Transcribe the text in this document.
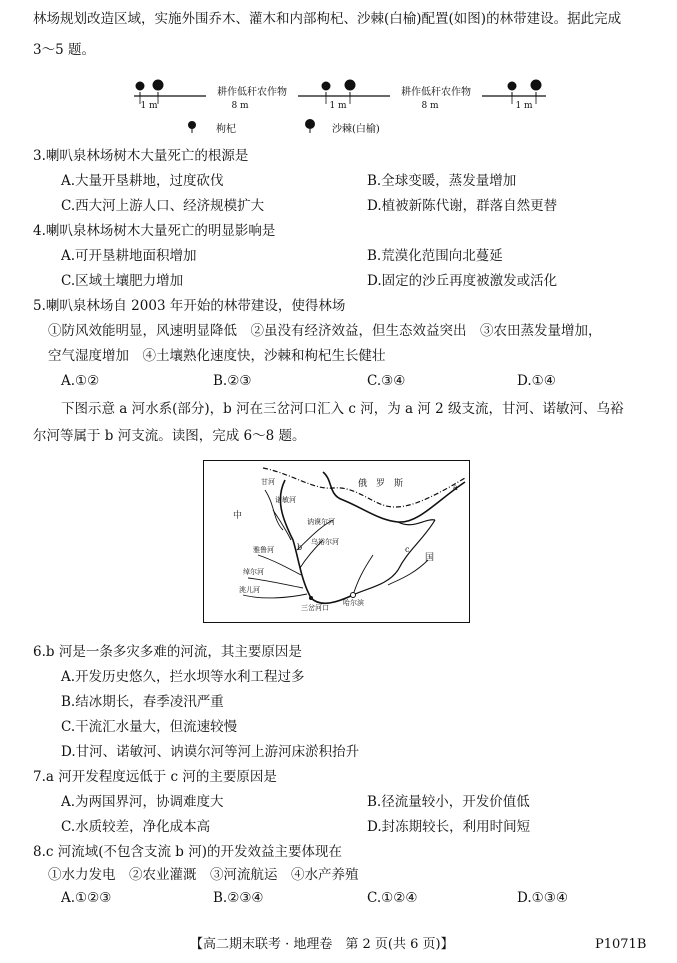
林场规划改造区域，实施外围乔木、灌木和内部枸杞、沙棘(白榆)配置(如图)的林带建设。据此完成
3～5 题。
耕作低秆农作物	耕作低秆农作物
1 m	8 m	1 m	8 m	1 m
枸杞	沙棘(白榆)
3.喇叭泉林场树木大量死亡的根源是
A.大量开垦耕地，过度砍伐	B.全球变暖，蒸发量增加
C.西大河上游人口、经济规模扩大	D.植被新陈代谢，群落自然更替
4.喇叭泉林场树木大量死亡的明显影响是
A.可开垦耕地面积增加	B.荒漠化范围向北蔓延
C.区域土壤肥力增加	D.固定的沙丘再度被激发或活化
5.喇叭泉林场自 2003 年开始的林带建设，使得林场
①防风效能明显，风速明显降低　②虽没有经济效益，但生态效益突出　③农田蒸发量增加，
空气湿度增加　④土壤熟化速度快，沙棘和枸杞生长健壮
A.①②	B.②③	C.③④	D.①④
下图示意 a 河水系(部分)，b 河在三岔河口汇入 c 河，为 a 河 2 级支流，甘河、诺敏河、乌裕
尔河等属于 b 河支流。读图，完成 6～8 题。
俄　罗　斯
中
国
a
c
b
甘河
诺敏河
讷谟尔河
乌裕尔河
雅鲁河
绰尔河
洮儿河
三岔河口
哈尔滨
6.b 河是一条多灾多难的河流，其主要原因是
A.开发历史悠久，拦水坝等水利工程过多
B.结冰期长，春季凌汛严重
C.干流汇水量大，但流速较慢
D.甘河、诺敏河、讷谟尔河等河上游河床淤积抬升
7.a 河开发程度远低于 c 河的主要原因是
A.为两国界河，协调难度大	B.径流量较小，开发价值低
C.水质较差，净化成本高	D.封冻期较长，利用时间短
8.c 河流域(不包含支流 b 河)的开发效益主要体现在
①水力发电　②农业灌溉　③河流航运　④水产养殖
A.①②③	B.②③④	C.①②④	D.①③④
【高二期末联考 · 地理卷　第 2 页(共 6 页)】	P1071B
